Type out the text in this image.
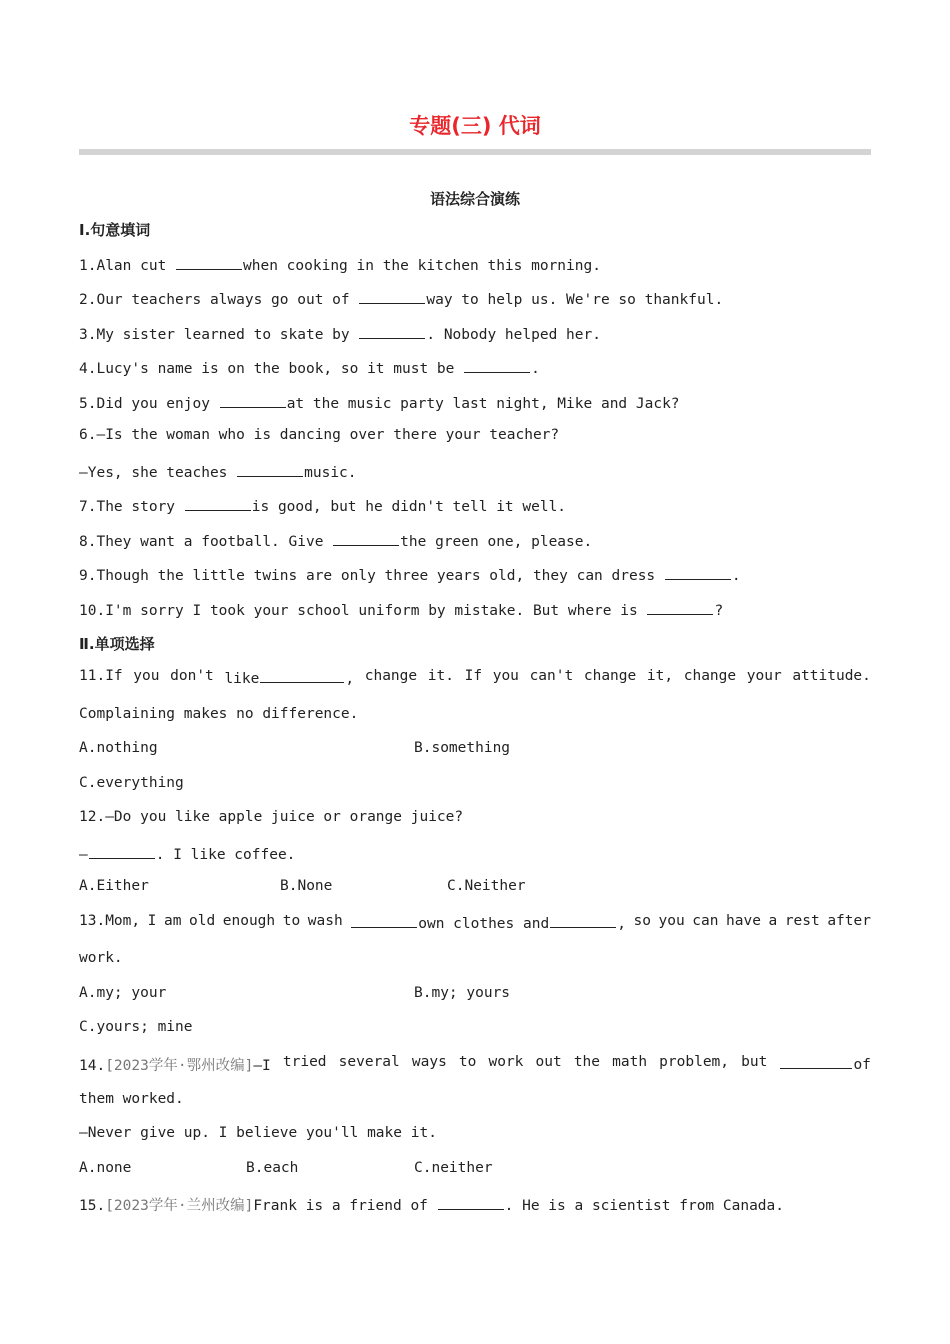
专题(三) 代词
语法综合演练
Ⅰ.句意填词
1.Alan cut	when cooking in the kitchen this morning.
2.Our teachers always go out of	way to help us. We're so thankful.
3.My sister learned to skate by	. Nobody helped her.
4.Lucy's name is on the book, so it must be	.
5.Did you enjoy	at the music party last night, Mike and Jack?
6.—Is the woman who is dancing over there your teacher?
—Yes, she teaches	music.
7.The story	is good, but he didn't tell it well.
8.They want a football. Give	the green one, please.
9.Though the little twins are only three years old, they can dress	.
10.I'm sorry I took your school uniform by mistake. But where is	?
Ⅱ.单项选择
11.If you don't like	, change it. If you can't change it, change your attitude.
Complaining makes no difference.
A.nothing	B.something
C.everything
12.—Do you like apple juice or orange juice?
—	. I like coffee.
A.Either	B.None	C.Neither
13.Mom, I am old enough to wash	own clothes and	, so you can have a rest after
work.
A.my; your	B.my; yours
C.yours; mine
14.[2023学年·鄂州改编]—I tried several ways to work out the math problem, but	of
them worked.
—Never give up. I believe you'll make it.
A.none	B.each	C.neither
15.[2023学年·兰州改编]Frank is a friend of	. He is a scientist from Canada.
